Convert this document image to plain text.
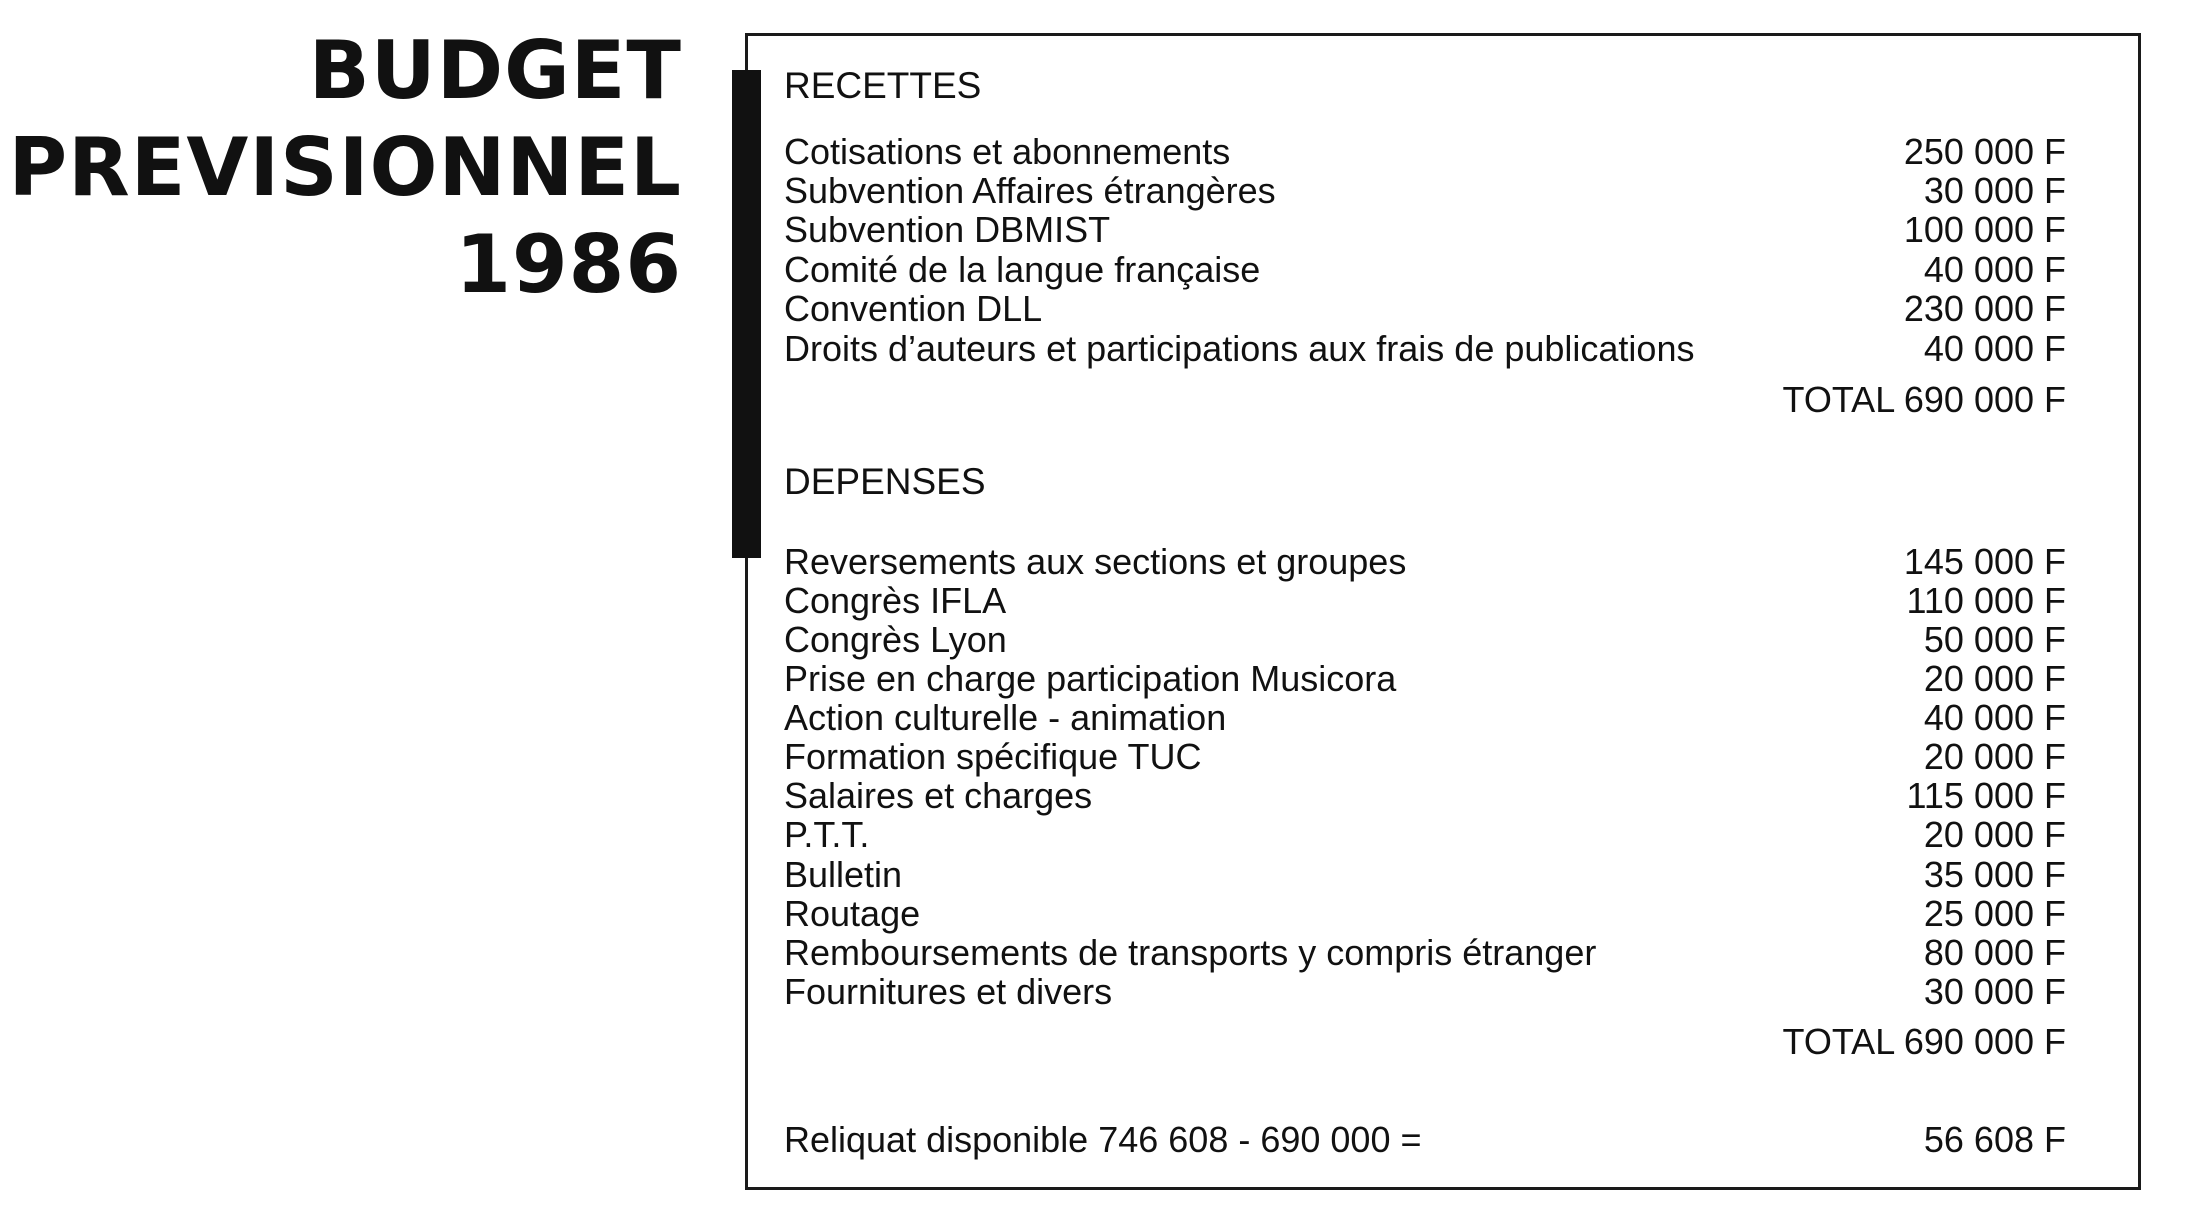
BUDGET
PREVISIONNEL
1986
RECETTES
Cotisations et abonnements	250 000 F
Subvention Affaires étrangères	30 000 F
Subvention DBMIST	100 000 F
Comité de la langue française	40 000 F
Convention DLL	230 000 F
Droits d’auteurs et participations aux frais de publications	40 000 F
TOTAL 690 000 F
DEPENSES
Reversements aux sections et groupes	145 000 F
Congrès IFLA	110 000 F
Congrès Lyon	50 000 F
Prise en charge participation Musicora	20 000 F
Action culturelle - animation	40 000 F
Formation spécifique TUC	20 000 F
Salaires et charges	115 000 F
P.T.T.	20 000 F
Bulletin	35 000 F
Routage	25 000 F
Remboursements de transports y compris étranger	80 000 F
Fournitures et divers	30 000 F
TOTAL 690 000 F
Reliquat disponible 746 608 - 690 000 =	56 608 F
